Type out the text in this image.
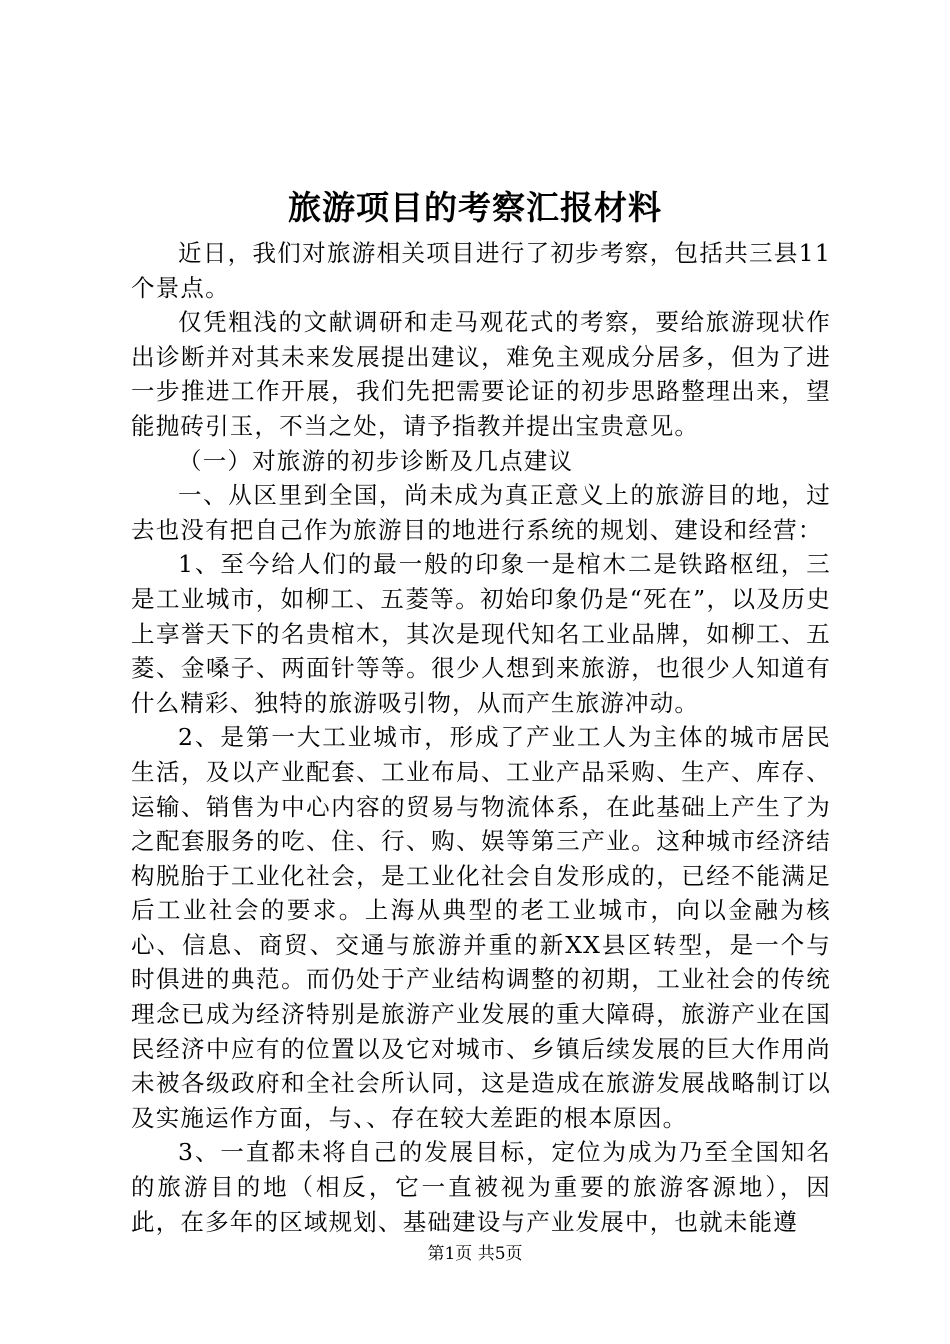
旅游项目的考察汇报材料

近日，我们对旅游相关项目进行了初步考察，包括共三县11个景点。

仅凭粗浅的文献调研和走马观花式的考察，要给旅游现状作出诊断并对其未来发展提出建议，难免主观成分居多，但为了进一步推进工作开展，我们先把需要论证的初步思路整理出来，望能抛砖引玉，不当之处，请予指教并提出宝贵意见。

（一）对旅游的初步诊断及几点建议

一、从区里到全国，尚未成为真正意义上的旅游目的地，过去也没有把自己作为旅游目的地进行系统的规划、建设和经营：

1、至今给人们的最一般的印象一是棺木二是铁路枢纽，三是工业城市，如柳工、五菱等。初始印象仍是“死在”，以及历史上享誉天下的名贵棺木，其次是现代知名工业品牌，如柳工、五菱、金嗓子、两面针等等。很少人想到来旅游，也很少人知道有什么精彩、独特的旅游吸引物，从而产生旅游冲动。

2、是第一大工业城市，形成了产业工人为主体的城市居民生活，及以产业配套、工业布局、工业产品采购、生产、库存、运输、销售为中心内容的贸易与物流体系，在此基础上产生了为之配套服务的吃、住、行、购、娱等第三产业。这种城市经济结构脱胎于工业化社会，是工业化社会自发形成的，已经不能满足后工业社会的要求。上海从典型的老工业城市，向以金融为核心、信息、商贸、交通与旅游并重的新XX县区转型，是一个与时俱进的典范。而仍处于产业结构调整的初期，工业社会的传统理念已成为经济特别是旅游产业发展的重大障碍，旅游产业在国民经济中应有的位置以及它对城市、乡镇后续发展的巨大作用尚未被各级政府和全社会所认同，这是造成在旅游发展战略制订以及实施运作方面，与、、存在较大差距的根本原因。

3、一直都未将自己的发展目标，定位为成为乃至全国知名的旅游目的地（相反，它一直被视为重要的旅游客源地），因此，在多年的区域规划、基础建设与产业发展中，也就未能遵

第1页 共5页
